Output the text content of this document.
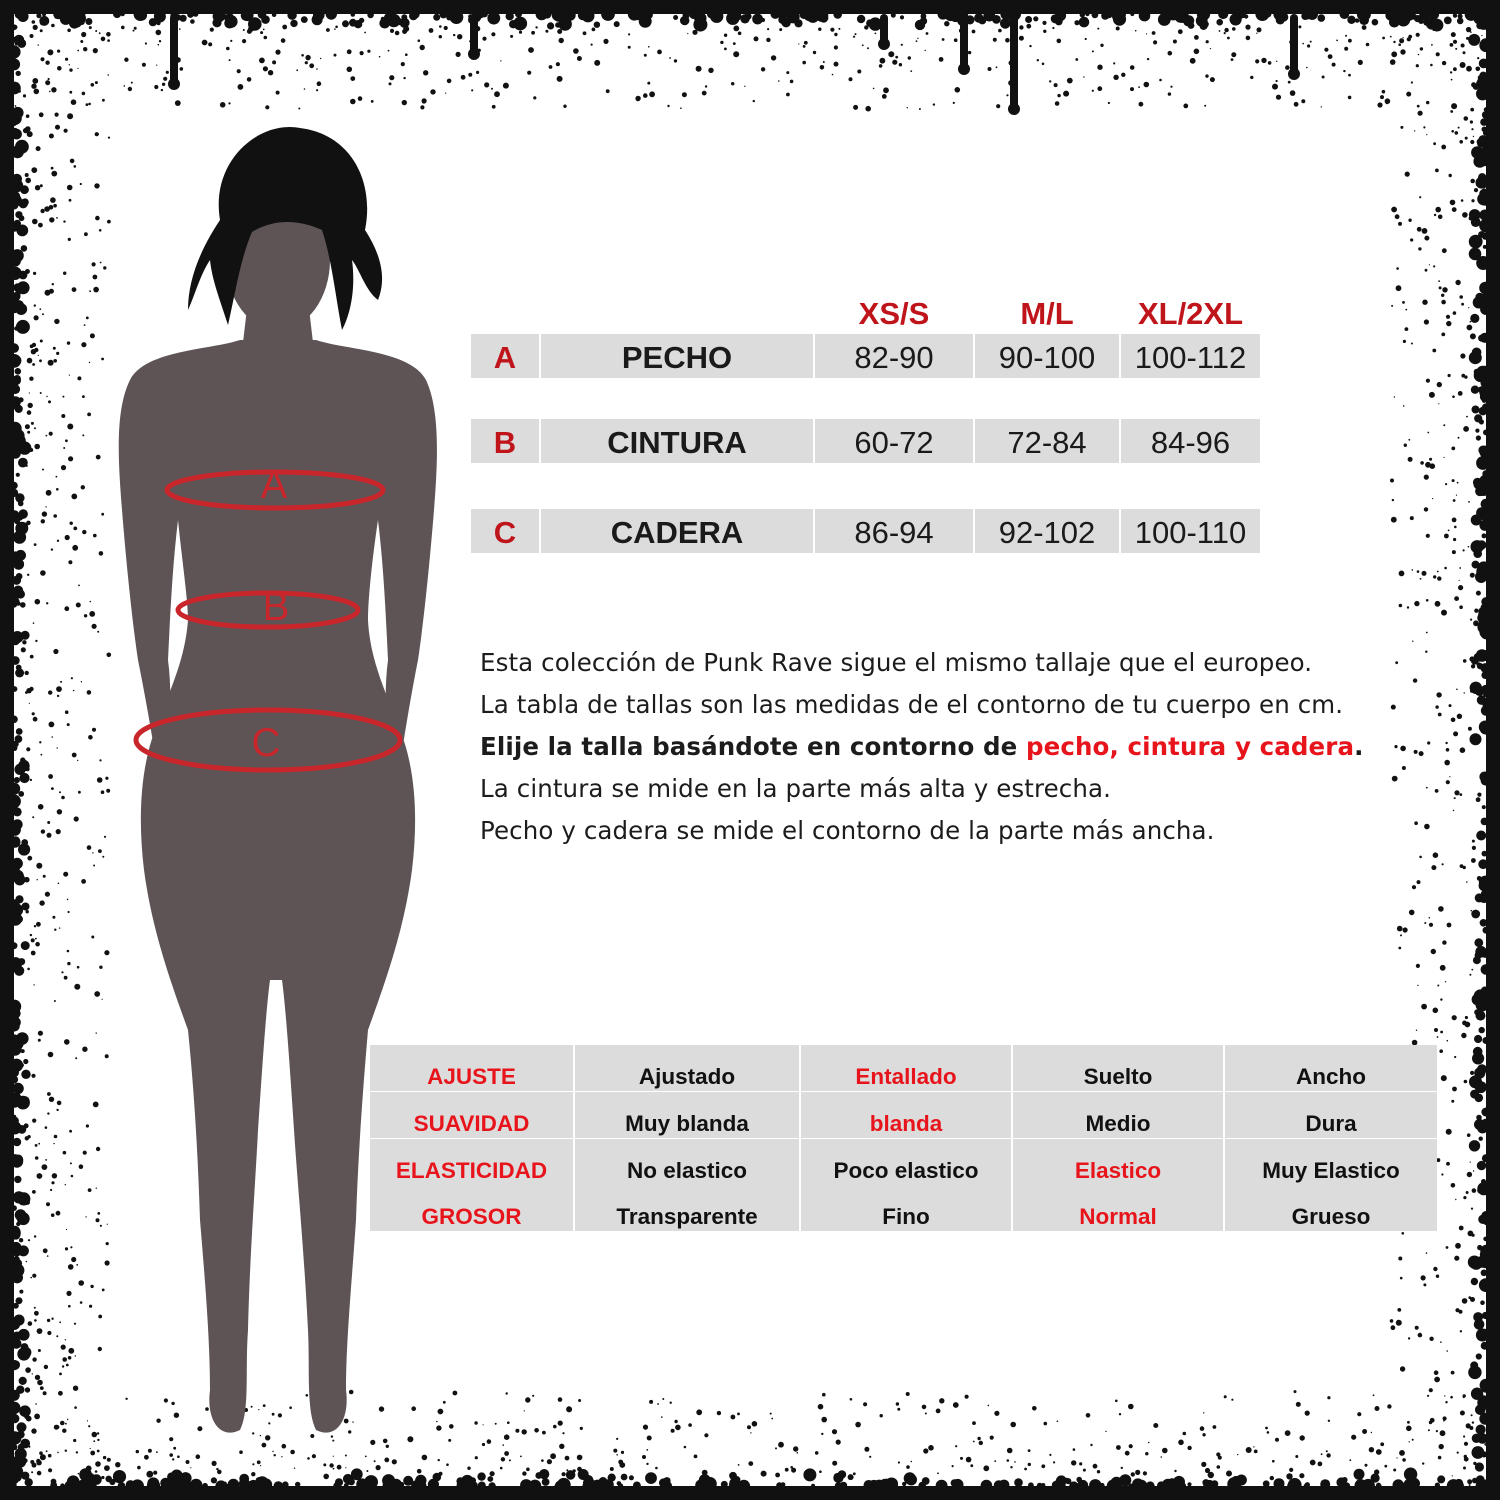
A
B
C
XS/S	M/L	XL/2XL
A	PECHO	82-90	90-100	100-112
B	CINTURA	60-72	72-84	84-96
C	CADERA	86-94	92-102	100-110
Esta colección de Punk Rave sigue el mismo tallaje que el europeo.
La tabla de tallas son las medidas de el contorno de tu cuerpo en cm.
Elije la talla basándote en contorno de pecho, cintura y cadera.
La cintura se mide en la parte más alta y estrecha.
Pecho y cadera se mide el contorno de la parte más ancha.
AJUSTE	Ajustado	Entallado	Suelto	Ancho
SUAVIDAD	Muy blanda	blanda	Medio	Dura
ELASTICIDAD	No elastico	Poco elastico	Elastico	Muy Elastico
GROSOR	Transparente	Fino	Normal	Grueso
